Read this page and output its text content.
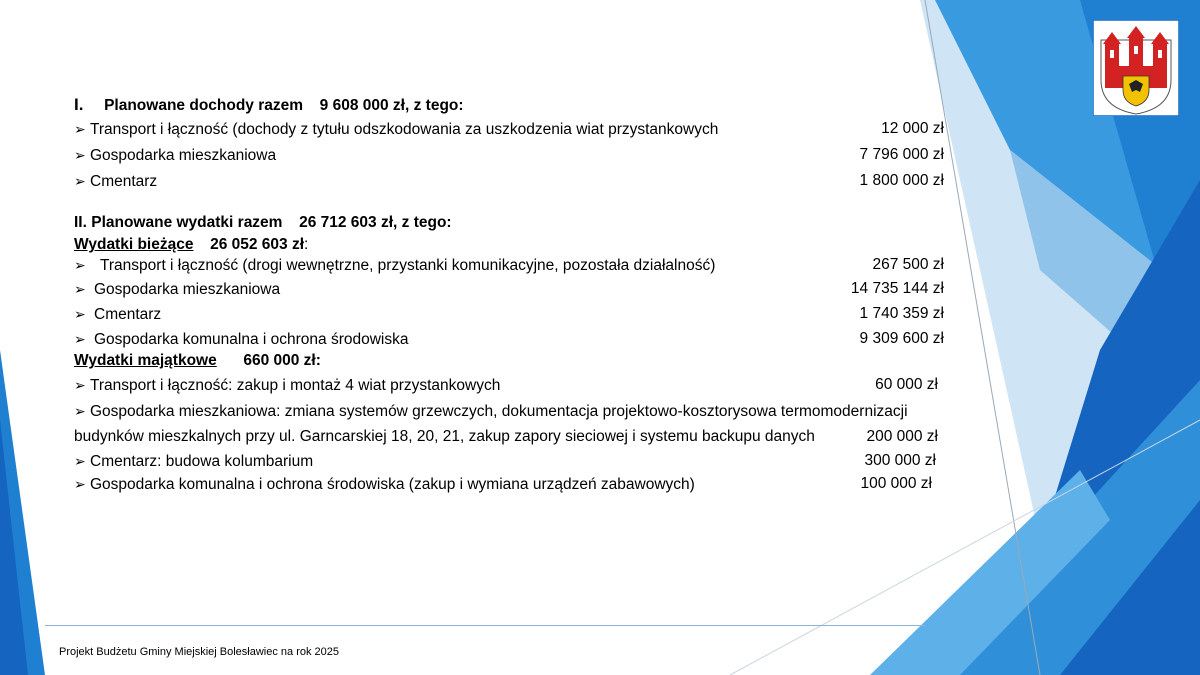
I. Planowane dochody razem 9 608 000 zł, z tego:
➢ Transport i łączność (dochody z tytułu odszkodowania za uszkodzenia wiat przystankowych	12 000 zł
➢ Gospodarka mieszkaniowa	7 796 000 zł
➢ Cmentarz	1 800 000 zł
II. Planowane wydatki razem 26 712 603 zł, z tego:
Wydatki bieżące 26 052 603 zł:
➢ Transport i łączność (drogi wewnętrzne, przystanki komunikacyjne, pozostała działalność)	267 500 zł
➢ Gospodarka mieszkaniowa	14 735 144 zł
➢ Cmentarz	1 740 359 zł
➢ Gospodarka komunalna i ochrona środowiska	9 309 600 zł
Wydatki majątkowe 660 000 zł:
➢ Transport i łączność: zakup i montaż 4 wiat przystankowych	60 000 zł
➢ Gospodarka mieszkaniowa: zmiana systemów grzewczych, dokumentacja projektowo-kosztorysowa termomodernizacji
budynków mieszkalnych przy ul. Garncarskiej 18, 20, 21, zakup zapory sieciowej i systemu backupu danych	200 000 zł
➢ Cmentarz: budowa kolumbarium	300 000 zł
➢ Gospodarka komunalna i ochrona środowiska (zakup i wymiana urządzeń zabawowych)	100 000 zł
Projekt Budżetu Gminy Miejskiej Bolesławiec na rok 2025
